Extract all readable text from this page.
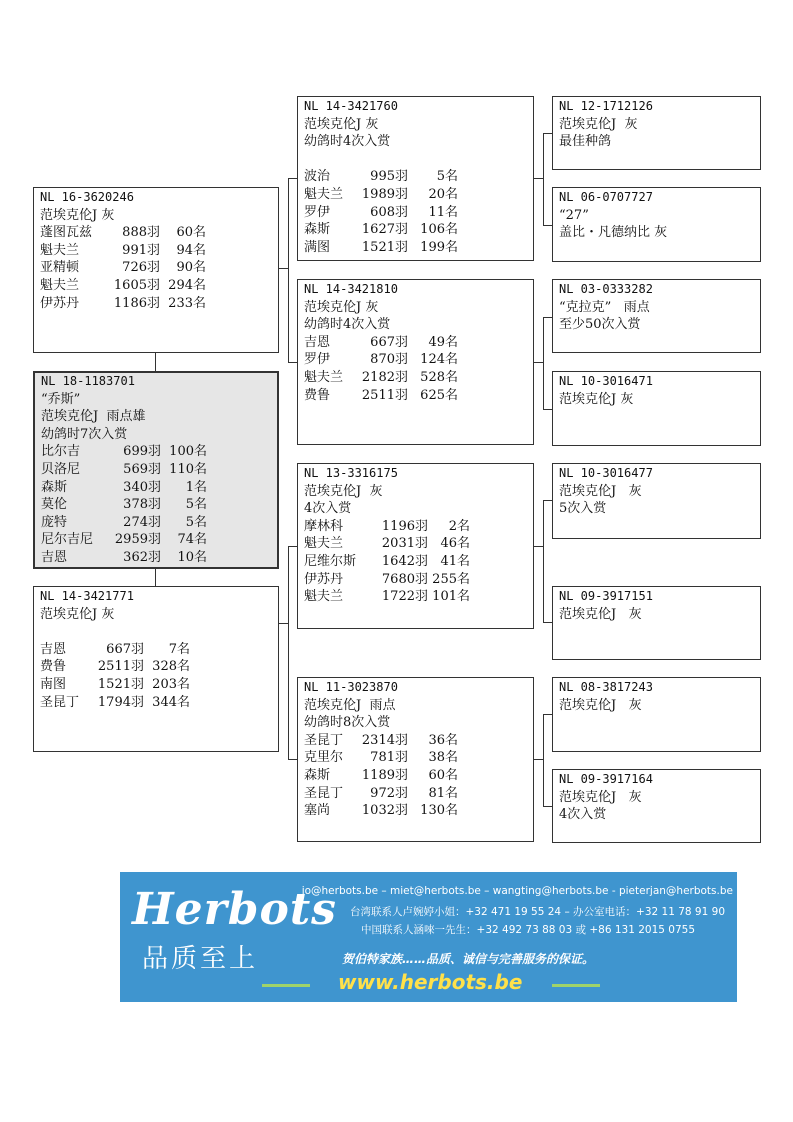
NL 16-3620246
范埃克伦J 灰
蓬图瓦兹	888羽	60名
魁夫兰	991羽	94名
亚精顿	726羽	90名
魁夫兰	1605羽 294名
伊苏丹	1186羽 233名
NL 18-1183701
“乔斯”
范埃克伦J  雨点雄
幼鸽时7次入赏
比尔吉	699羽 100名
贝洛尼	569羽 110名
森斯	340羽	1名
莫伦	378羽	5名
庞特	274羽	5名
尼尔吉尼	2959羽	74名
吉恩	362羽	10名
NL 14-3421771
范埃克伦J 灰
吉恩	667羽	7名
费鲁	2511羽 328名
南图	1521羽 203名
圣昆丁	1794羽 344名
NL 14-3421760
范埃克伦J 灰
幼鸽时4次入赏
波治	995羽	5名
魁夫兰	1989羽	20名
罗伊	608羽	11名
森斯	1627羽 106名
满图	1521羽 199名
NL 14-3421810
范埃克伦J 灰
幼鸽时4次入赏
吉恩	667羽	49名
罗伊	870羽 124名
魁夫兰	2182羽 528名
费鲁	2511羽 625名
NL 13-3316175
范埃克伦J  灰
4次入赏
摩林科	1196羽	2名
魁夫兰	2031羽 46名
尼维尔斯	1642羽 41名
伊苏丹	7680羽 255名
魁夫兰	1722羽 101名
NL 11-3023870
范埃克伦J  雨点
幼鸽时8次入赏
圣昆丁	2314羽	36名
克里尔	781羽	38名
森斯	1189羽	60名
圣昆丁	972羽	81名
塞尚	1032羽 130名
NL 12-1712126
范埃克伦J  灰
最佳种鸽
NL 06-0707727
“27”
盖比・凡德纳比 灰
NL 03-0333282
“克拉克”   雨点
至少50次入赏
NL 10-3016471
范埃克伦J 灰
NL 10-3016477
范埃克伦J   灰
5次入赏
NL 09-3917151
范埃克伦J   灰
NL 08-3817243
范埃克伦J   灰
NL 09-3917164
范埃克伦J   灰
4次入赏
Herbots
品质至上
jo@herbots.be – miet@herbots.be – wangting@herbots.be - pieterjan@herbots.be
台湾联系人卢婉婷小姐：+32 471 19 55 24 – 办公室电话：+32 11 78 91 90
中国联系人涵唻一先生：+32 492 73 88 03 或 +86 131 2015 0755
贺伯特家族……品质、诚信与完善服务的保证。
www.herbots.be
